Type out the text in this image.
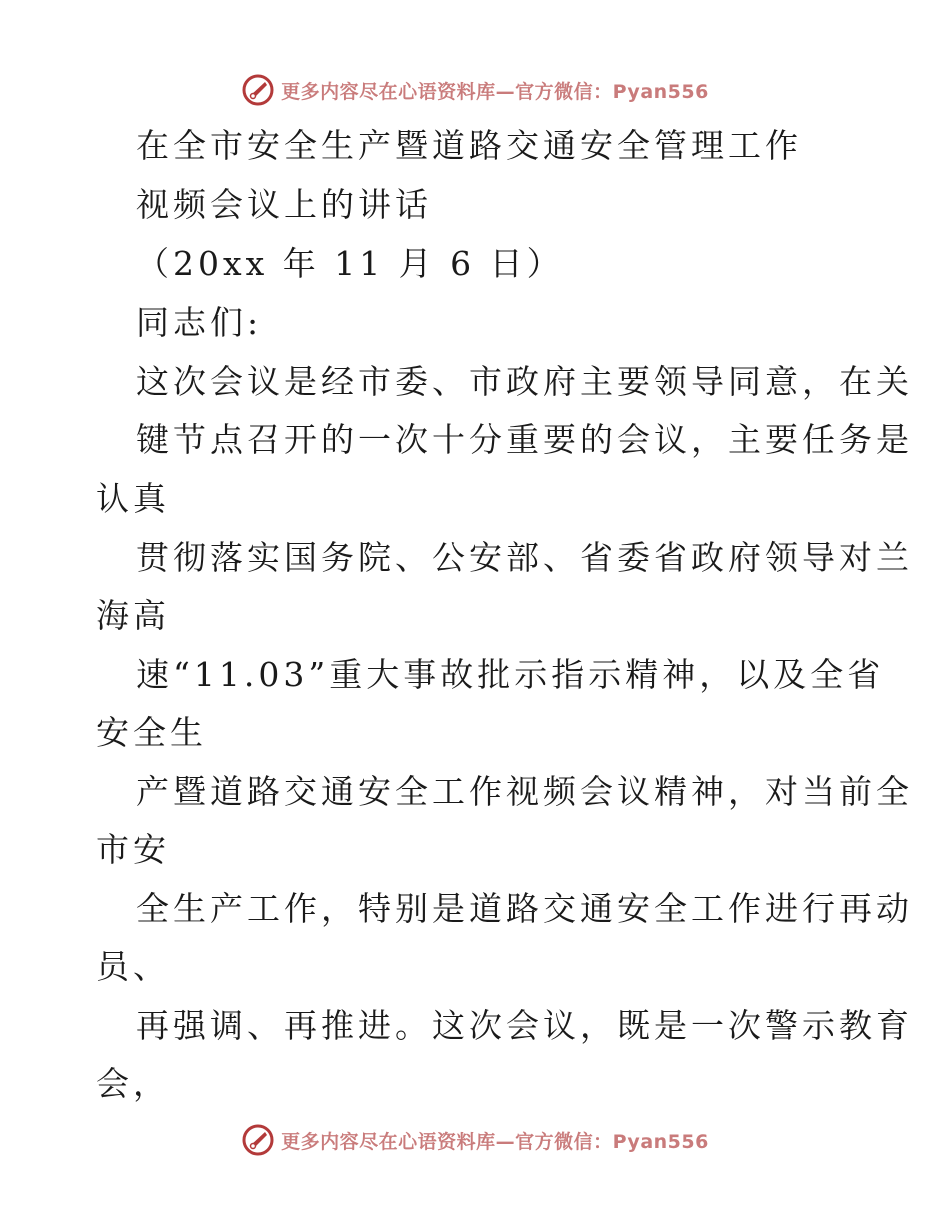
更多内容尽在心语资料库—官方微信：Pyan556
在全市安全生产暨道路交通安全管理工作
视频会议上的讲话
（20xx 年 11 月 6 日）
同志们:
这次会议是经市委、市政府主要领导同意，在关
键节点召开的一次十分重要的会议，主要任务是
认真
贯彻落实国务院、公安部、省委省政府领导对兰
海高
速“11.03”重大事故批示指示精神，以及全省
安全生
产暨道路交通安全工作视频会议精神，对当前全
市安
全生产工作，特别是道路交通安全工作进行再动
员、
再强调、再推进。这次会议，既是一次警示教育
会，
更多内容尽在心语资料库—官方微信：Pyan556
